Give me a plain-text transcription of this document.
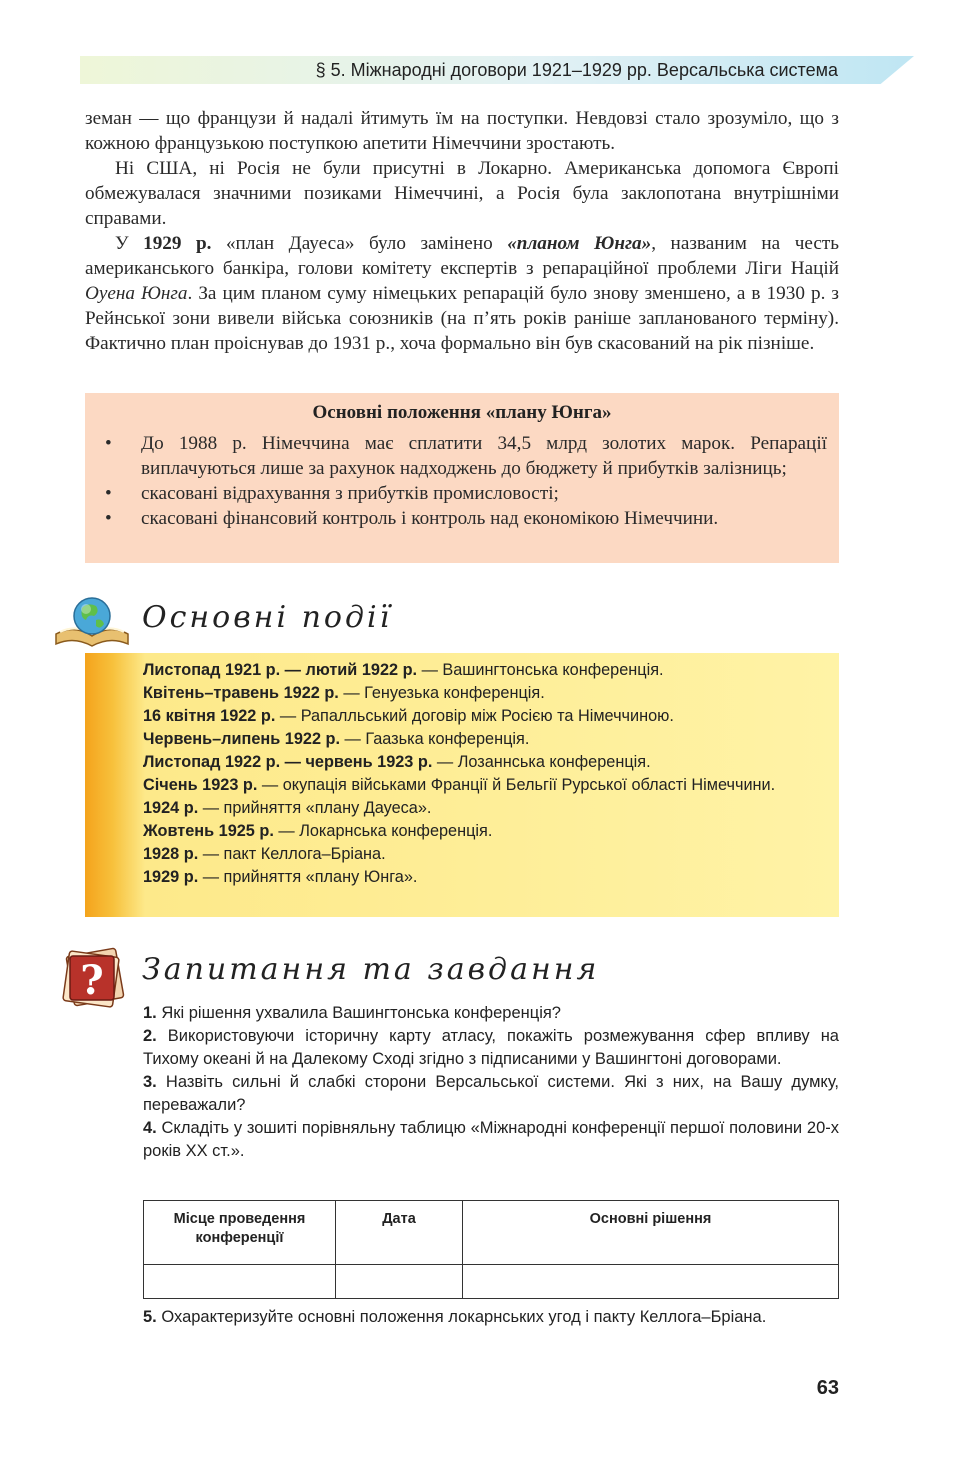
§ 5. Міжнародні договори 1921–1929 рр. Версальська система

земан — що французи й надалі йтимуть їм на поступки. Невдовзі стало зрозуміло, що з кожною французькою поступкою апетити Німеччини зростають.

Ні США, ні Росія не були присутні в Локарно. Американська допомога Європі обмежувалася значними позиками Німеччині, а Росія була заклопотана внутрішніми справами.

У 1929 р. «план Дауеса» було замінено «планом Юнга», названим на честь американського банкіра, голови комітету експертів з репараційної проблеми Ліги Націй Оуена Юнга. За цим планом суму німецьких репарацій було знову зменшено, а в 1930 р. з Рейнської зони вивели війська союзників (на п’ять років раніше запланованого терміну). Фактично план проіснував до 1931 р., хоча формально він був скасований на рік пізніше.

Основні положення «плану Юнга»
• До 1988 р. Німеччина має сплатити 34,5 млрд золотих марок. Репарації виплачуються лише за рахунок надходжень до бюджету й прибутків залізниць;
• скасовані відрахування з прибутків промисловості;
• скасовані фінансовий контроль і контроль над економікою Німеччини.
Основні події

Листопад 1921 р. — лютий 1922 р. — Вашингтонська конференція.

Квітень–травень 1922 р. — Генуезька конференція.

16 квітня 1922 р. — Рапалльський договір між Росією та Німеччиною.

Червень–липень 1922 р. — Гаазька конференція.

Листопад 1922 р. — червень 1923 р. — Лозаннська конференція.

Січень 1923 р. — окупація військами Франції й Бельгії Рурської області Німеччини.

1924 р. — прийняття «плану Дауеса».

Жовтень 1925 р. — Локарнська конференція.

1928 р. — пакт Келлога–Бріана.

1929 р. — прийняття «плану Юнга».

? Запитання та завдання

1. Які рішення ухвалила Вашингтонська конференція?

2. Використовуючи історичну карту атласу, покажіть розмежування сфер впливу на Тихому океані й на Далекому Сході згідно з підписаними у Вашингтоні договорами.

3. Назвіть сильні й слабкі сторони Версальської системи. Які з них, на Вашу думку, переважали?

4. Складіть у зошиті порівняльну таблицю «Міжнародні конференції першої половини 20-х років XX ст.».

Місце проведення конференції	Дата	Основні рішення

5. Охарактеризуйте основні положення локарнських угод і пакту Келлога–Бріана.

63
